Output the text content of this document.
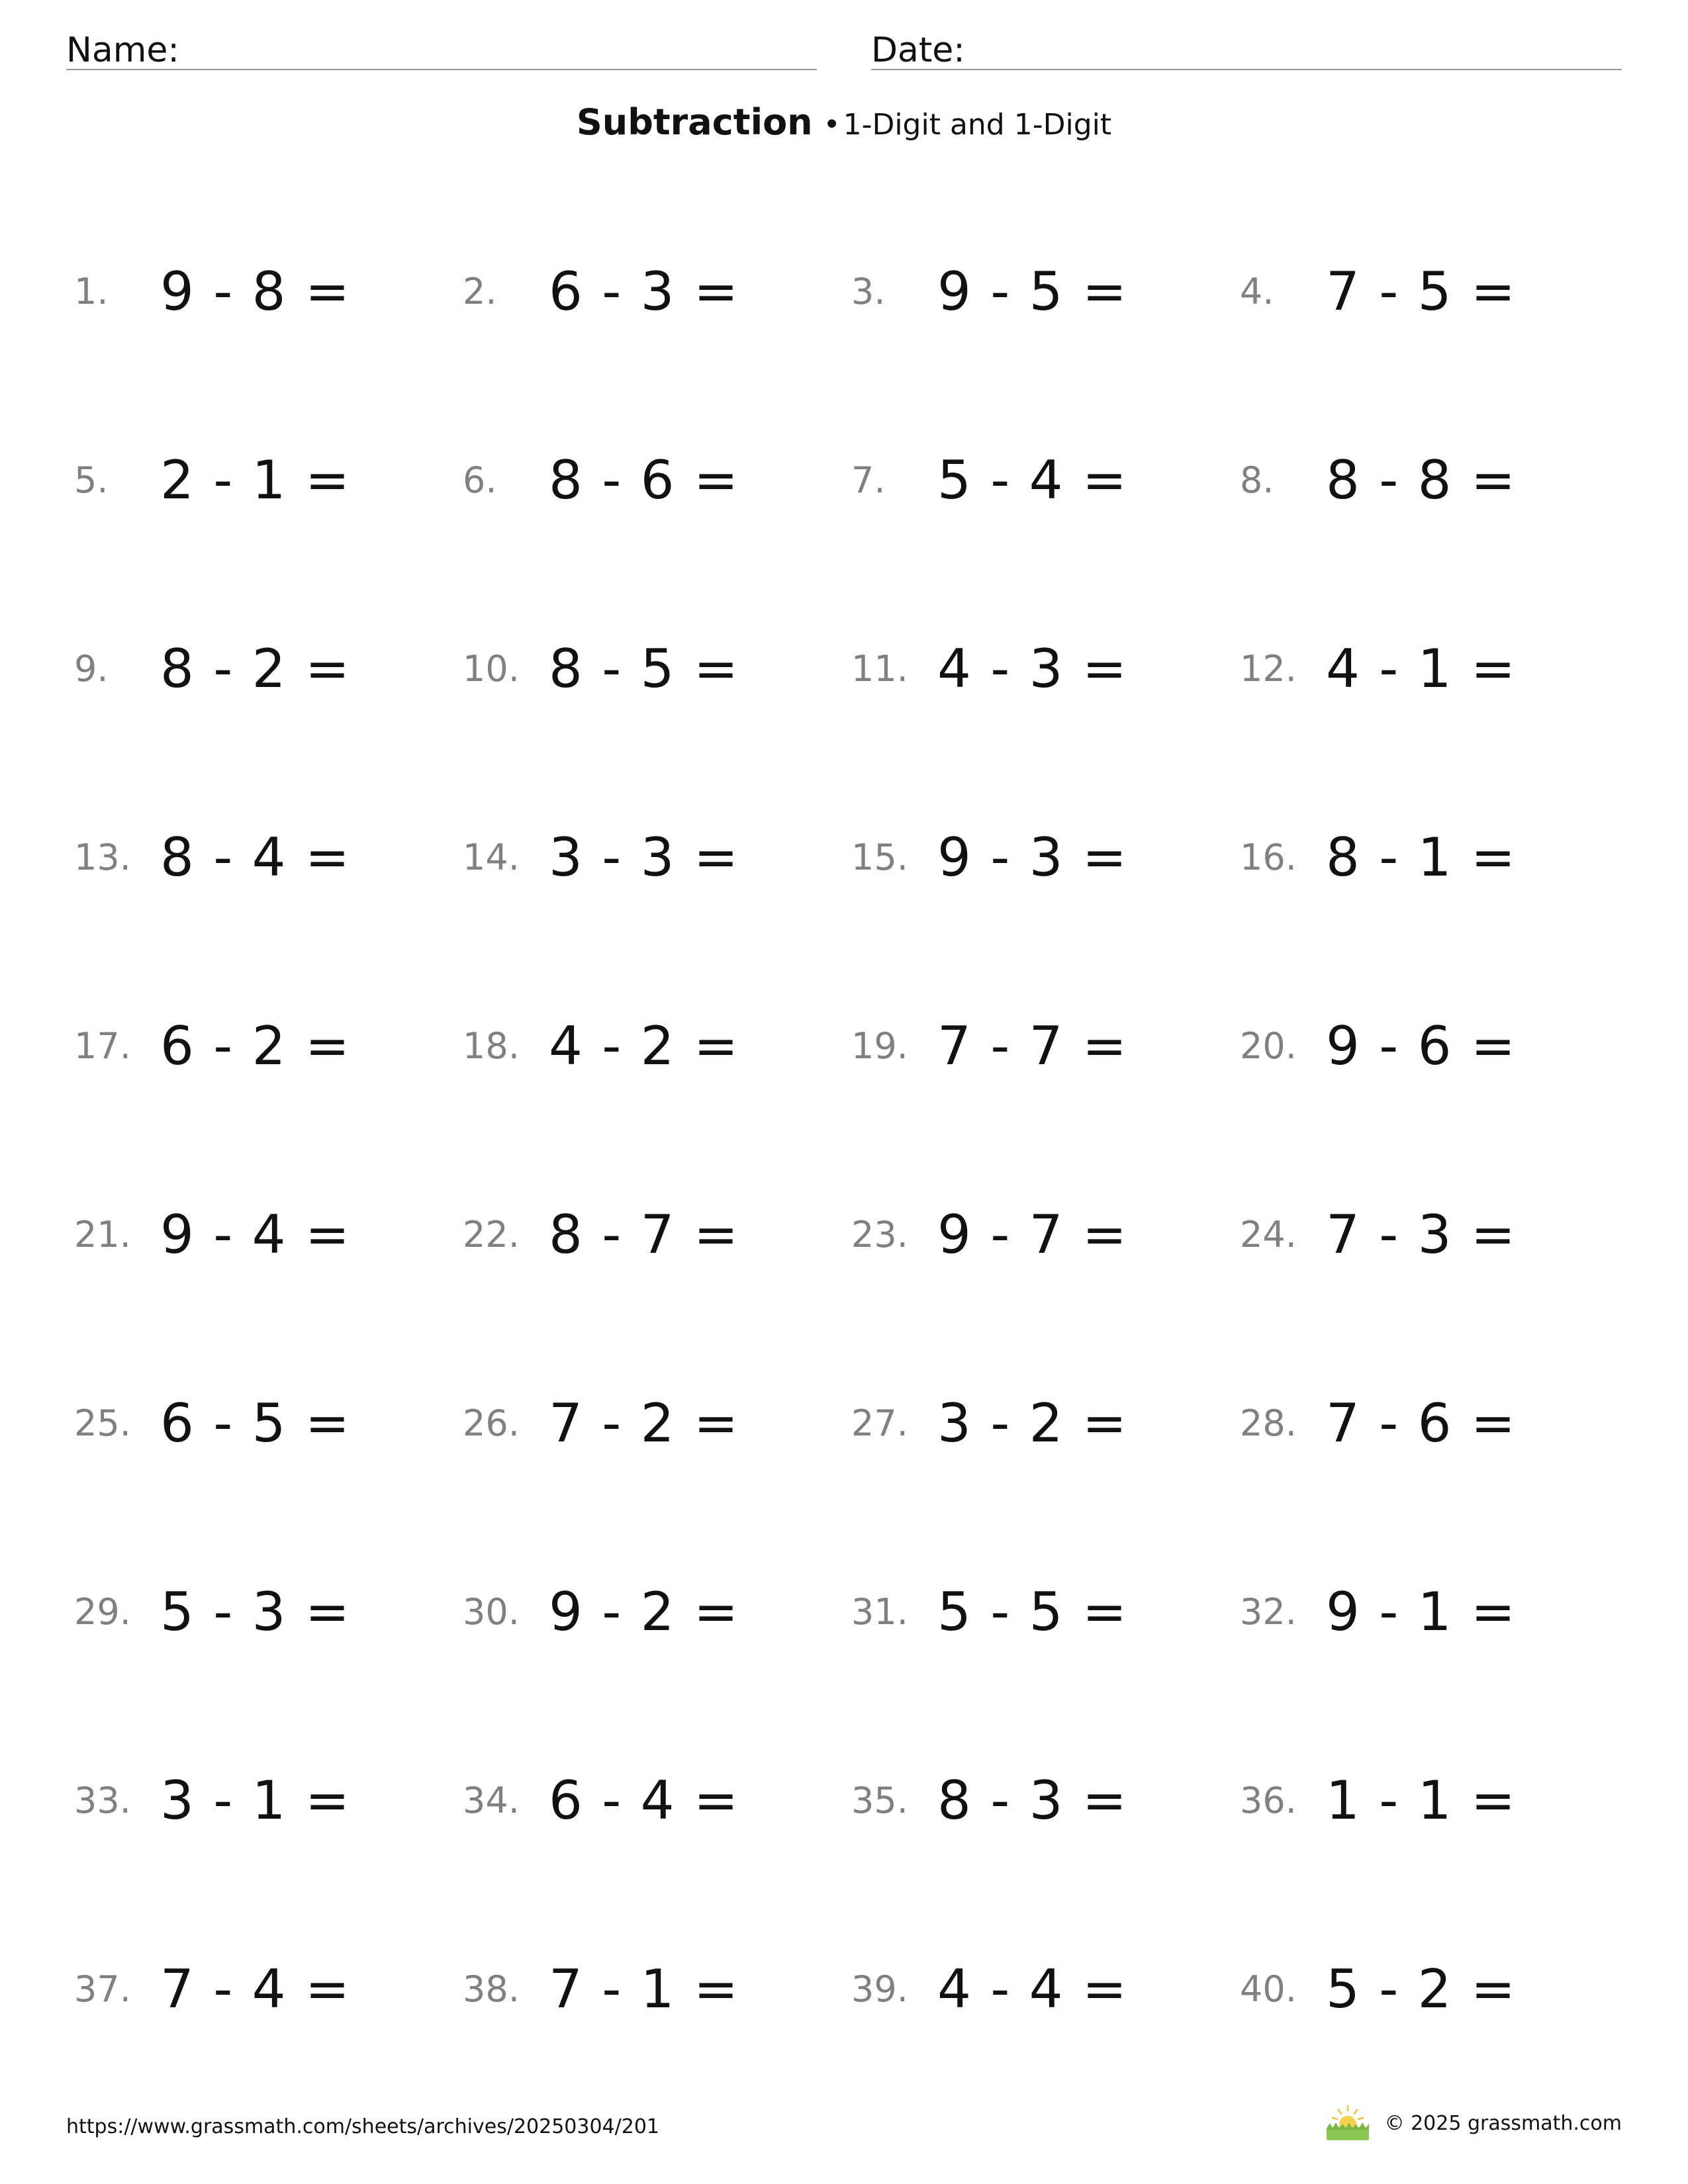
Name:	Date:
Subtraction •1-Digit and 1-Digit
1. 9 - 8 =	2. 6 - 3 =	3. 9 - 5 =	4. 7 - 5 =
5. 2 - 1 =	6. 8 - 6 =	7. 5 - 4 =	8. 8 - 8 =
9. 8 - 2 =	10. 8 - 5 =	11. 4 - 3 =	12. 4 - 1 =
13. 8 - 4 =	14. 3 - 3 =	15. 9 - 3 =	16. 8 - 1 =
17. 6 - 2 =	18. 4 - 2 =	19. 7 - 7 =	20. 9 - 6 =
21. 9 - 4 =	22. 8 - 7 =	23. 9 - 7 =	24. 7 - 3 =
25. 6 - 5 =	26. 7 - 2 =	27. 3 - 2 =	28. 7 - 6 =
29. 5 - 3 =	30. 9 - 2 =	31. 5 - 5 =	32. 9 - 1 =
33. 3 - 1 =	34. 6 - 4 =	35. 8 - 3 =	36. 1 - 1 =
37. 7 - 4 =	38. 7 - 1 =	39. 4 - 4 =	40. 5 - 2 =
https://www.grassmath.com/sheets/archives/20250304/201	© 2025 grassmath.com
